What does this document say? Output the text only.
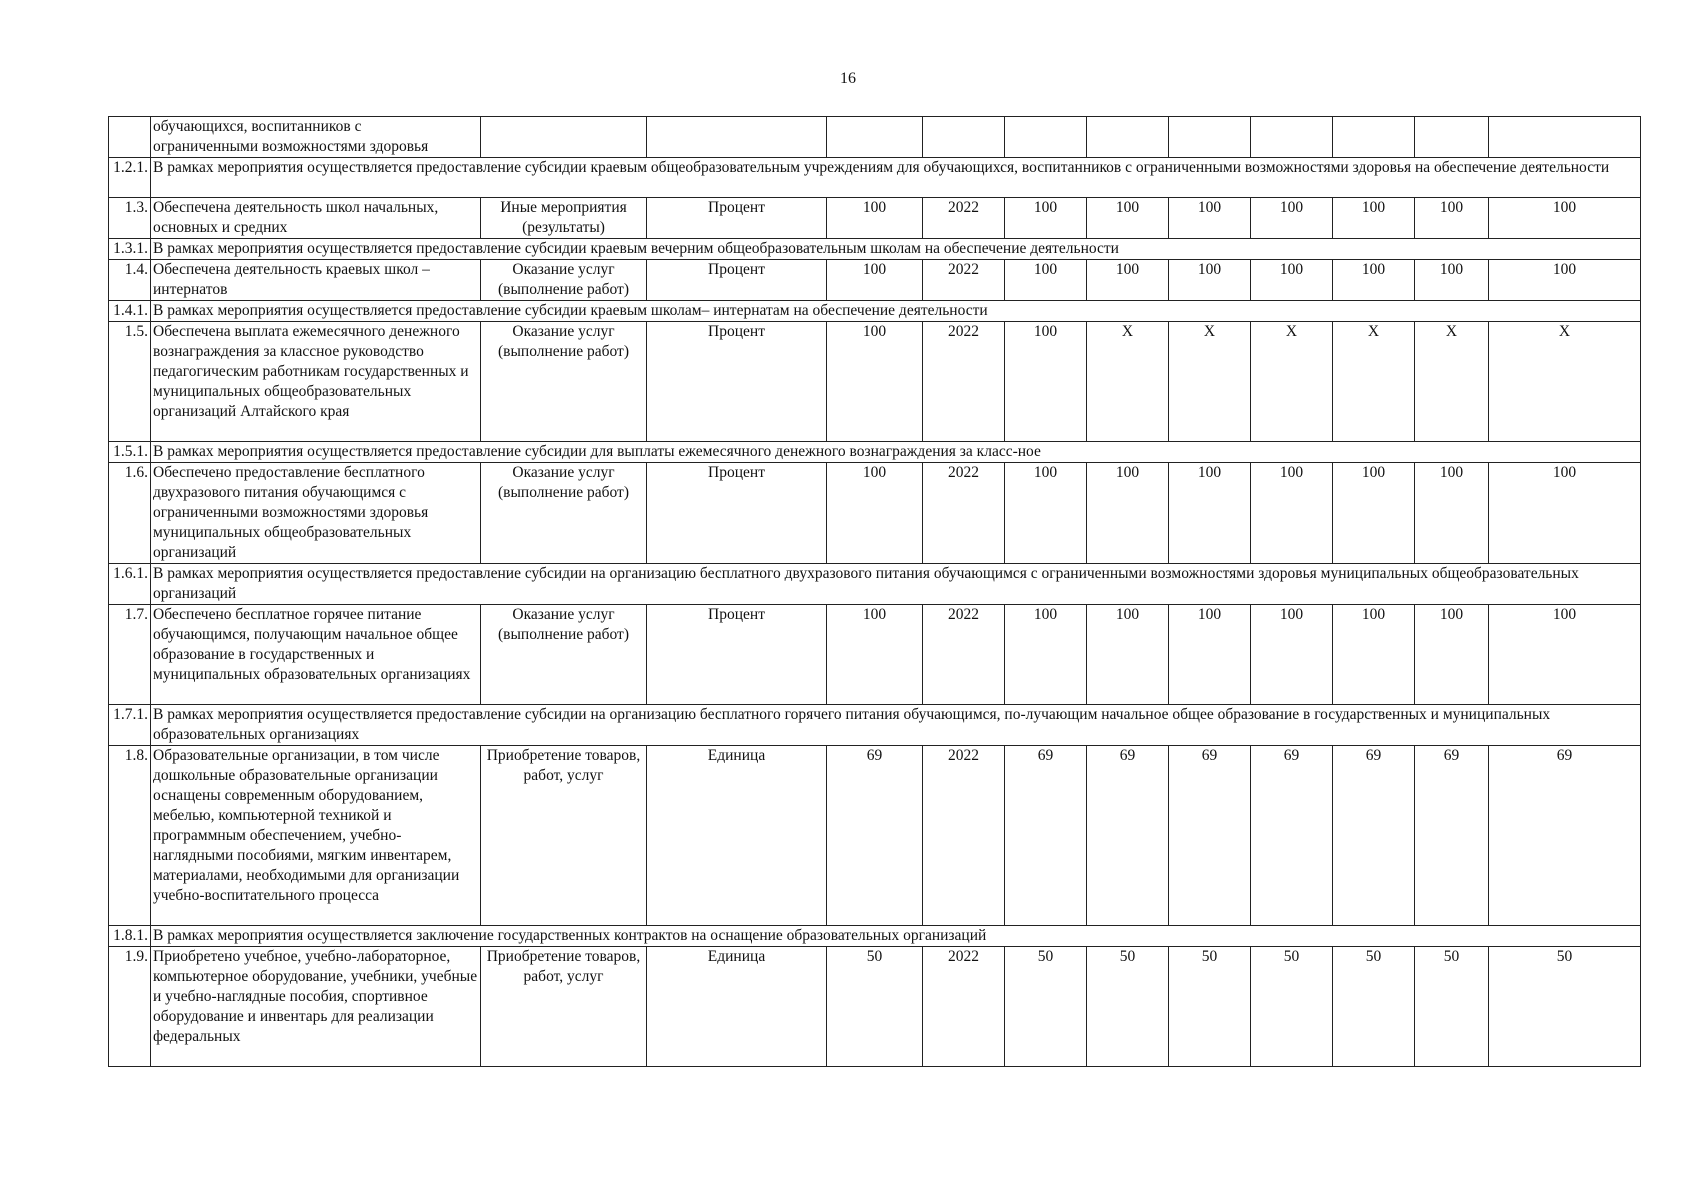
16

	обучающихся, воспитанников с
ограниченными возможностями здоровья											

1.2.1.	В рамках мероприятия осуществляется предоставление субсидии краевым общеобразовательным учреждениям для обучающихся, воспитанников с ограниченными возможностями здоровья на обеспечение деятельности											
1.3.	Обеспечена деятельность школ начальных, основных и средних	Иные мероприятия (результаты)	Процент	100	2022	100	100	100	100	100	100	100
1.3.1.	В рамках мероприятия осуществляется предоставление субсидии краевым вечерним общеобразовательным школам на обеспечение деятельности											
1.4.	Обеспечена деятельность краевых школ – интернатов	Оказание услуг (выполнение работ)	Процент	100	2022	100	100	100	100	100	100	100
1.4.1.	В рамках мероприятия осуществляется предоставление субсидии краевым школам– интернатам на обеспечение деятельности											
1.5.	Обеспечена выплата ежемесячного денежного вознаграждения за классное руководство педагогическим работникам государственных и муниципальных общеобразовательных организаций Алтайского края	Оказание услуг (выполнение работ)	Процент	100	2022	100	X	X	X	X	X	X
1.5.1.	В рамках мероприятия осуществляется предоставление субсидии для выплаты ежемесячного денежного вознаграждения за класс-ное											
1.6.	Обеспечено предоставление бесплатного двухразового питания обучающимся с ограниченными возможностями здоровья муниципальных общеобразовательных организаций	Оказание услуг (выполнение работ)	Процент	100	2022	100	100	100	100	100	100	100
1.6.1.	В рамках мероприятия осуществляется предоставление субсидии на организацию бесплатного двухразового питания обучающимся с ограниченными возможностями здоровья муниципальных общеобразовательных организаций											
1.7.	Обеспечено бесплатное горячее питание обучающимся, получающим начальное общее образование в государственных и муниципальных образовательных организациях	Оказание услуг (выполнение работ)	Процент	100	2022	100	100	100	100	100	100	100
1.7.1.	В рамках мероприятия осуществляется предоставление субсидии на организацию бесплатного горячего питания обучающимся, по-лучающим начальное общее образование в государственных и муниципальных образовательных организациях											
1.8.	Образовательные организации, в том числе дошкольные образовательные организации оснащены современным оборудованием, мебелью, компьютерной техникой и программным обеспечением, учебно-наглядными пособиями, мягким инвентарем, материалами, необходимыми для организации учебно-воспитательного процесса	Приобретение товаров, работ, услуг	Единица	69	2022	69	69	69	69	69	69	69
1.8.1.	В рамках мероприятия осуществляется заключение государственных контрактов на оснащение образовательных организаций											
1.9.	Приобретено учебное, учебно-лабораторное, компьютерное оборудование, учебники, учебные и учебно-наглядные пособия, спортивное оборудование и инвентарь для реализации федеральных	Приобретение товаров, работ, услуг	Единица	50	2022	50	50	50	50	50	50	50
